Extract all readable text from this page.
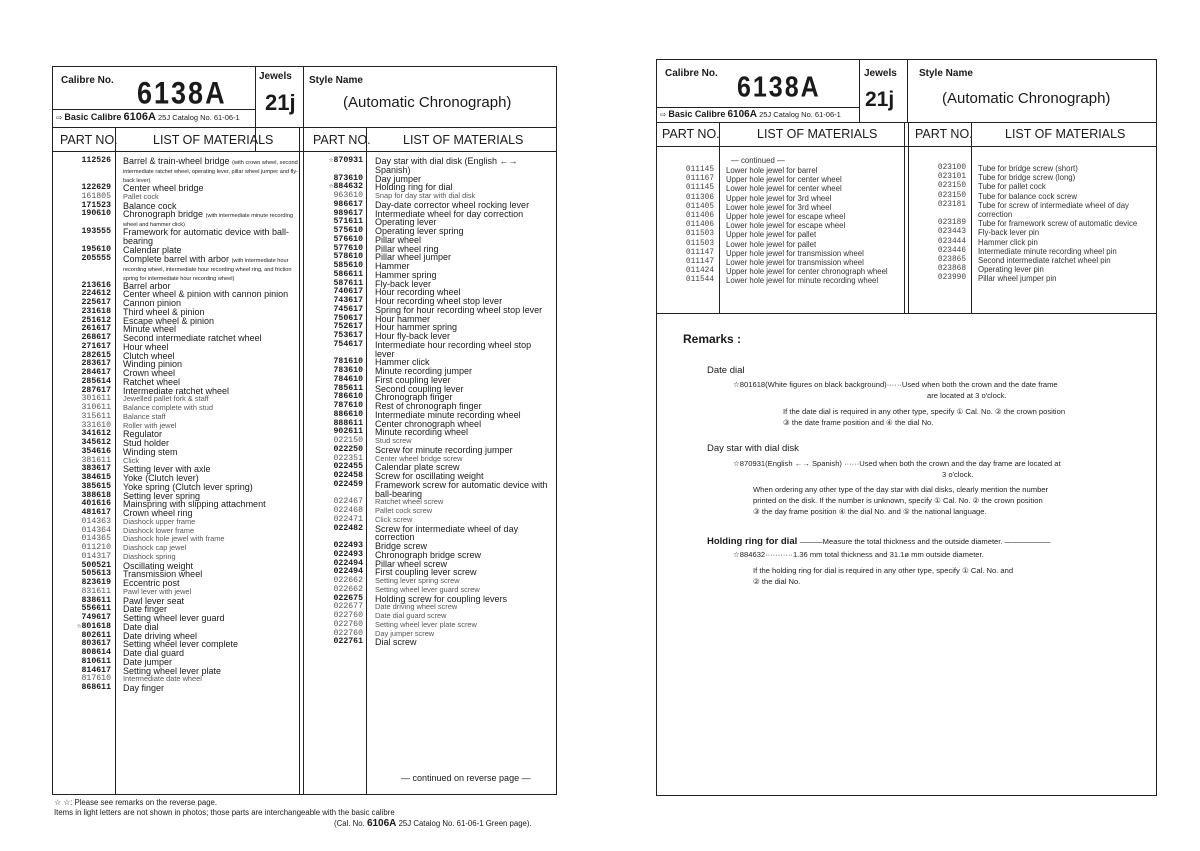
Calibre No. 6138A
⇨ Basic Calibre 6106A 25J Catalog No. 61-06-1
Jewels
21j
Style Name
(Automatic Chronograph)
PART NO.	LIST OF MATERIALS	PART NO.	LIST OF MATERIALS
112526	Barrel & train-wheel bridge (with crown wheel, second intermediate ratchet wheel, operating lever, pillar wheel jumper and fly-back lever)
122629	Center wheel bridge
161805	Pallet cock
171523	Balance cock
190610	Chronograph bridge (with intermediate minute recording wheel and hammer click)
193555	Framework for automatic device with ball-bearing
195610	Calendar plate
205555	Complete barrel with arbor (with intermediate hour recording wheel, intermediate hour recording wheel ring, and friction spring for intermediate hour recording wheel)
213616	Barrel arbor
224612	Center wheel & pinion with cannon pinion
225617	Cannon pinion
231618	Third wheel & pinion
251612	Escape wheel & pinion
261617	Minute wheel
268617	Second intermediate ratchet wheel
271617	Hour wheel
282615	Clutch wheel
283617	Winding pinion
284617	Crown wheel
285614	Ratchet wheel
287617	Intermediate ratchet wheel
301611	Jewelled pallet fork & staff
310611	Balance complete with stud
315611	Balance staff
331610	Roller with jewel
341612	Regulator
345612	Stud holder
354616	Winding stem
381611	Click
383617	Setting lever with axle
384615	Yoke (Clutch lever)
385615	Yoke spring (Clutch lever spring)
388618	Setting lever spring
401616	Mainspring with slipping attachment
481617	Crown wheel ring
014363	Diashock upper frame
014364	Diashock lower frame
014365	Diashock hole jewel with frame
011210	Diashock cap jewel
014317	Diashock spring
500521	Oscillating weight
505613	Transmission wheel
823619	Eccentric post
831611	Pawl lever with jewel
838611	Pawl lever seat
556611	Date finger
749617	Setting wheel lever guard
☆801618	Date dial
802611	Date driving wheel
803617	Setting wheel lever complete
808614	Date dial guard
810611	Date jumper
814617	Setting wheel lever plate
817610	Intermediate date wheel
868611	Day finger
☆870931	Day star with dial disk (English ←→ Spanish)
873610	Day jumper
☆884632	Holding ring for dial
963610	Snap for day star with dial disk
986617	Day-date corrector wheel rocking lever
989617	Intermediate wheel for day correction
571611	Operating lever
575610	Operating lever spring
576610	Pillar wheel
577610	Pillar wheel ring
578610	Pillar wheel jumper
585610	Hammer
586611	Hammer spring
587611	Fly-back lever
740617	Hour recording wheel
743617	Hour recording wheel stop lever
745617	Spring for hour recording wheel stop lever
750617	Hour hammer
752617	Hour hammer spring
753617	Hour fly-back lever
754617	Intermediate hour recording wheel stop lever
781610	Hammer click
783610	Minute recording jumper
784610	First coupling lever
785611	Second coupling lever
786610	Chronograph finger
787610	Rest of chronograph finger
886610	Intermediate minute recording wheel
888611	Center chronograph wheel
902611	Minute recording wheel
022150	Stud screw
022250	Screw for minute recording jumper
022351	Center wheel bridge screw
022455	Calendar plate screw
022458	Screw for oscillating weight
022459	Framework screw for automatic device with ball-bearing
022467	Ratchet wheel screw
022468	Pallet cock screw
022471	Click screw
022482	Screw for intermediate wheel of day correction
022493	Bridge screw
022493	Chronograph bridge screw
022494	Pillar wheel screw
022494	First coupling lever screw
022662	Setting lever spring screw
022662	Setting wheel lever guard screw
022675	Holding screw for coupling levers
022677	Date driving wheel screw
022760	Date dial guard screw
022760	Setting wheel lever plate screw
022760	Day jumper screw
022761	Dial screw
— continued on reverse page —
☆ ☆: Please see remarks on the reverse page.
Items in light letters are not shown in photos; those parts are interchangeable with the basic calibre
(Cal. No. 6106A 25J Catalog No. 61-06-1 Green page).
Calibre No. 6138A
⇨ Basic Calibre 6106A 25J Catalog No. 61-06-1
Jewels
21j
Style Name
(Automatic Chronograph)
PART NO.	LIST OF MATERIALS	PART NO.	LIST OF MATERIALS
— continued —
011145	Lower hole jewel for barrel
011167	Upper hole jewel for center wheel
011145	Lower hole jewel for center wheel
011306	Upper hole jewel for 3rd wheel
011405	Lower hole jewel for 3rd wheel
011406	Upper hole jewel for escape wheel
011406	Lower hole jewel for escape wheel
011503	Upper hole jewel for pallet
011503	Lower hole jewel for pallet
011147	Upper hole jewel for transmission wheel
011147	Lower hole jewel for transmission wheel
011424	Upper hole jewel for center chronograph wheel
011544	Lower hole jewel for minute recording wheel
023100	Tube for bridge screw (short)
023101	Tube for bridge screw (long)
023150	Tube for pallet cock
023150	Tube for balance cock screw
023181	Tube for screw of intermediate wheel of day correction
023189	Tube for framework screw of automatic device
023443	Fly-back lever pin
023444	Hammer click pin
023446	Intermediate minute recording wheel pin
023865	Second intermediate ratchet wheel pin
023868	Operating lever pin
023990	Pillar wheel jumper pin
Remarks :
Date dial
☆801618(White figures on black background)······Used when both the crown and the date frame
are located at 3 o'clock.
If the date dial is required in any other type, specify ① Cal. No. ② the crown position
③ the date frame position and ④ the dial No.
Day star with dial disk
☆870931(English ←→ Spanish) ······Used when both the crown and the day frame are located at
3 o'clock.
When ordering any other type of the day star with dial disks, clearly mention the number
printed on the disk. If the number is unknown, specify ① Cal. No. ② the crown position
③ the day frame position ④ the dial No. and ⑤ the national language.
Holding ring for dial ———Measure the total thickness and the outside diameter. ——————
☆884632···········1.36 mm total thickness and 31.1ø mm outside diameter.
If the holding ring for dial is required in any other type, specify ① Cal. No. and
② the dial No.
